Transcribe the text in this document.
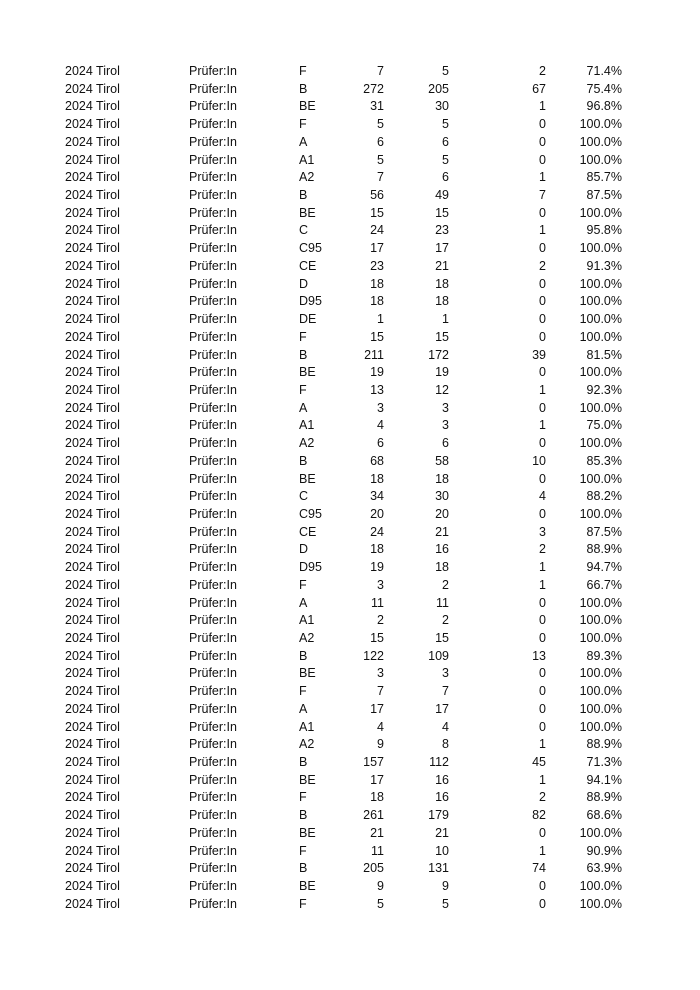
2024 Tirol	Prüfer:In	F	7	5	2	71.4%
2024 Tirol	Prüfer:In	B	272	205	67	75.4%
2024 Tirol	Prüfer:In	BE	31	30	1	96.8%
2024 Tirol	Prüfer:In	F	5	5	0	100.0%
2024 Tirol	Prüfer:In	A	6	6	0	100.0%
2024 Tirol	Prüfer:In	A1	5	5	0	100.0%
2024 Tirol	Prüfer:In	A2	7	6	1	85.7%
2024 Tirol	Prüfer:In	B	56	49	7	87.5%
2024 Tirol	Prüfer:In	BE	15	15	0	100.0%
2024 Tirol	Prüfer:In	C	24	23	1	95.8%
2024 Tirol	Prüfer:In	C95	17	17	0	100.0%
2024 Tirol	Prüfer:In	CE	23	21	2	91.3%
2024 Tirol	Prüfer:In	D	18	18	0	100.0%
2024 Tirol	Prüfer:In	D95	18	18	0	100.0%
2024 Tirol	Prüfer:In	DE	1	1	0	100.0%
2024 Tirol	Prüfer:In	F	15	15	0	100.0%
2024 Tirol	Prüfer:In	B	211	172	39	81.5%
2024 Tirol	Prüfer:In	BE	19	19	0	100.0%
2024 Tirol	Prüfer:In	F	13	12	1	92.3%
2024 Tirol	Prüfer:In	A	3	3	0	100.0%
2024 Tirol	Prüfer:In	A1	4	3	1	75.0%
2024 Tirol	Prüfer:In	A2	6	6	0	100.0%
2024 Tirol	Prüfer:In	B	68	58	10	85.3%
2024 Tirol	Prüfer:In	BE	18	18	0	100.0%
2024 Tirol	Prüfer:In	C	34	30	4	88.2%
2024 Tirol	Prüfer:In	C95	20	20	0	100.0%
2024 Tirol	Prüfer:In	CE	24	21	3	87.5%
2024 Tirol	Prüfer:In	D	18	16	2	88.9%
2024 Tirol	Prüfer:In	D95	19	18	1	94.7%
2024 Tirol	Prüfer:In	F	3	2	1	66.7%
2024 Tirol	Prüfer:In	A	11	11	0	100.0%
2024 Tirol	Prüfer:In	A1	2	2	0	100.0%
2024 Tirol	Prüfer:In	A2	15	15	0	100.0%
2024 Tirol	Prüfer:In	B	122	109	13	89.3%
2024 Tirol	Prüfer:In	BE	3	3	0	100.0%
2024 Tirol	Prüfer:In	F	7	7	0	100.0%
2024 Tirol	Prüfer:In	A	17	17	0	100.0%
2024 Tirol	Prüfer:In	A1	4	4	0	100.0%
2024 Tirol	Prüfer:In	A2	9	8	1	88.9%
2024 Tirol	Prüfer:In	B	157	112	45	71.3%
2024 Tirol	Prüfer:In	BE	17	16	1	94.1%
2024 Tirol	Prüfer:In	F	18	16	2	88.9%
2024 Tirol	Prüfer:In	B	261	179	82	68.6%
2024 Tirol	Prüfer:In	BE	21	21	0	100.0%
2024 Tirol	Prüfer:In	F	11	10	1	90.9%
2024 Tirol	Prüfer:In	B	205	131	74	63.9%
2024 Tirol	Prüfer:In	BE	9	9	0	100.0%
2024 Tirol	Prüfer:In	F	5	5	0	100.0%
